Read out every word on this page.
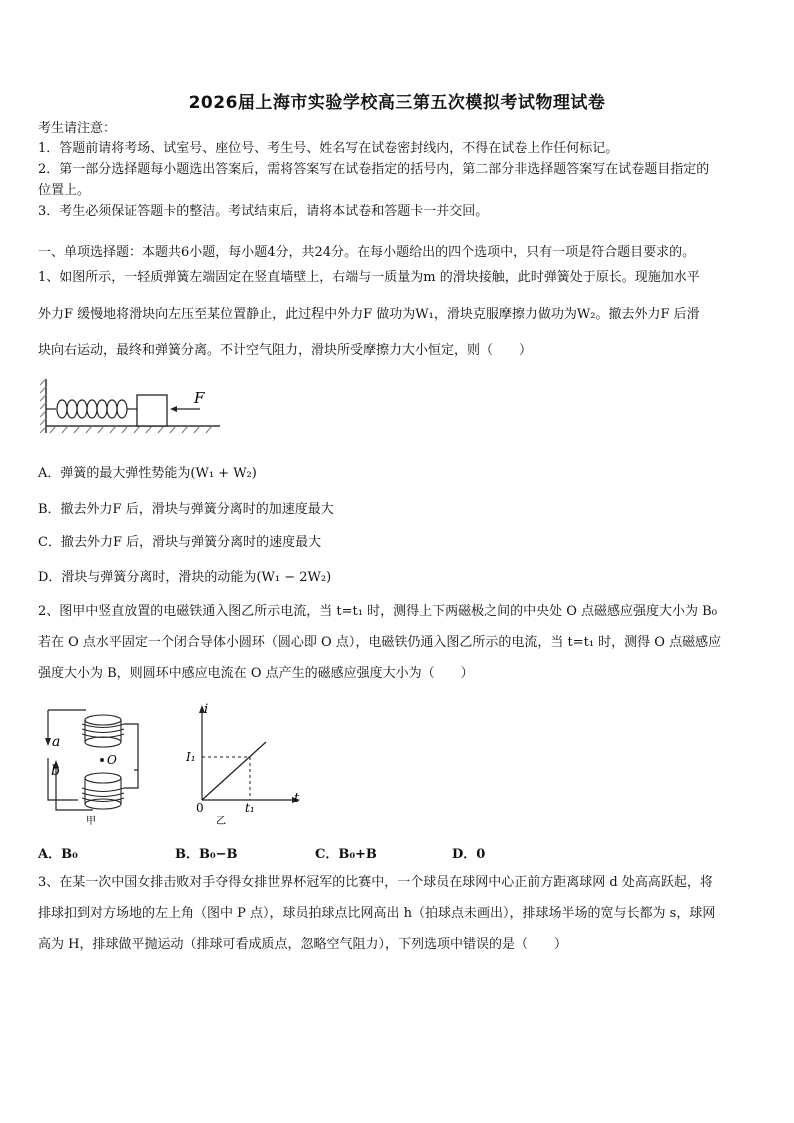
2026届上海市实验学校高三第五次模拟考试物理试卷
考生请注意：
1．答题前请将考场、试室号、座位号、考生号、姓名写在试卷密封线内，不得在试卷上作任何标记。
2．第一部分选择题每小题选出答案后，需将答案写在试卷指定的括号内，第二部分非选择题答案写在试卷题目指定的
位置上。
3．考生必须保证答题卡的整洁。考试结束后，请将本试卷和答题卡一并交回。
一、单项选择题：本题共6小题，每小题4分，共24分。在每小题给出的四个选项中，只有一项是符合题目要求的。
1、如图所示，一轻质弹簧左端固定在竖直墙壁上，右端与一质量为m 的滑块接触，此时弹簧处于原长。现施加水平
外力F 缓慢地将滑块向左压至某位置静止，此过程中外力F 做功为W₁，滑块克服摩擦力做功为W₂。撤去外力F 后滑
块向右运动，最终和弹簧分离。不计空气阻力，滑块所受摩擦力大小恒定，则（　　）
F
A．弹簧的最大弹性势能为(W₁ + W₂)
B．撤去外力F 后，滑块与弹簧分离时的加速度最大
C．撤去外力F 后，滑块与弹簧分离时的速度最大
D．滑块与弹簧分离时，滑块的动能为(W₁ − 2W₂)
2、图甲中竖直放置的电磁铁通入图乙所示电流，当 t=t₁ 时，测得上下两磁极之间的中央处 O 点磁感应强度大小为 B₀
若在 O 点水平固定一个闭合导体小圆环（圆心即 O 点），电磁铁仍通入图乙所示的电流，当 t=t₁ 时，测得 O 点磁感应
强度大小为 B，则圆环中感应电流在 O 点产生的磁感应强度大小为（　　）
O
a
b
甲
i
t
0
I₁
t₁
乙
A．B₀	B．B₀−B	C．B₀+B	D．0
3、在某一次中国女排击败对手夺得女排世界杯冠军的比赛中，一个球员在球网中心正前方距离球网 d 处高高跃起，将
排球扣到对方场地的左上角（图中 P 点），球员拍球点比网高出 h（拍球点未画出），排球场半场的宽与长都为 s，球网
高为 H，排球做平抛运动（排球可看成质点，忽略空气阻力），下列选项中错误的是（　　）
